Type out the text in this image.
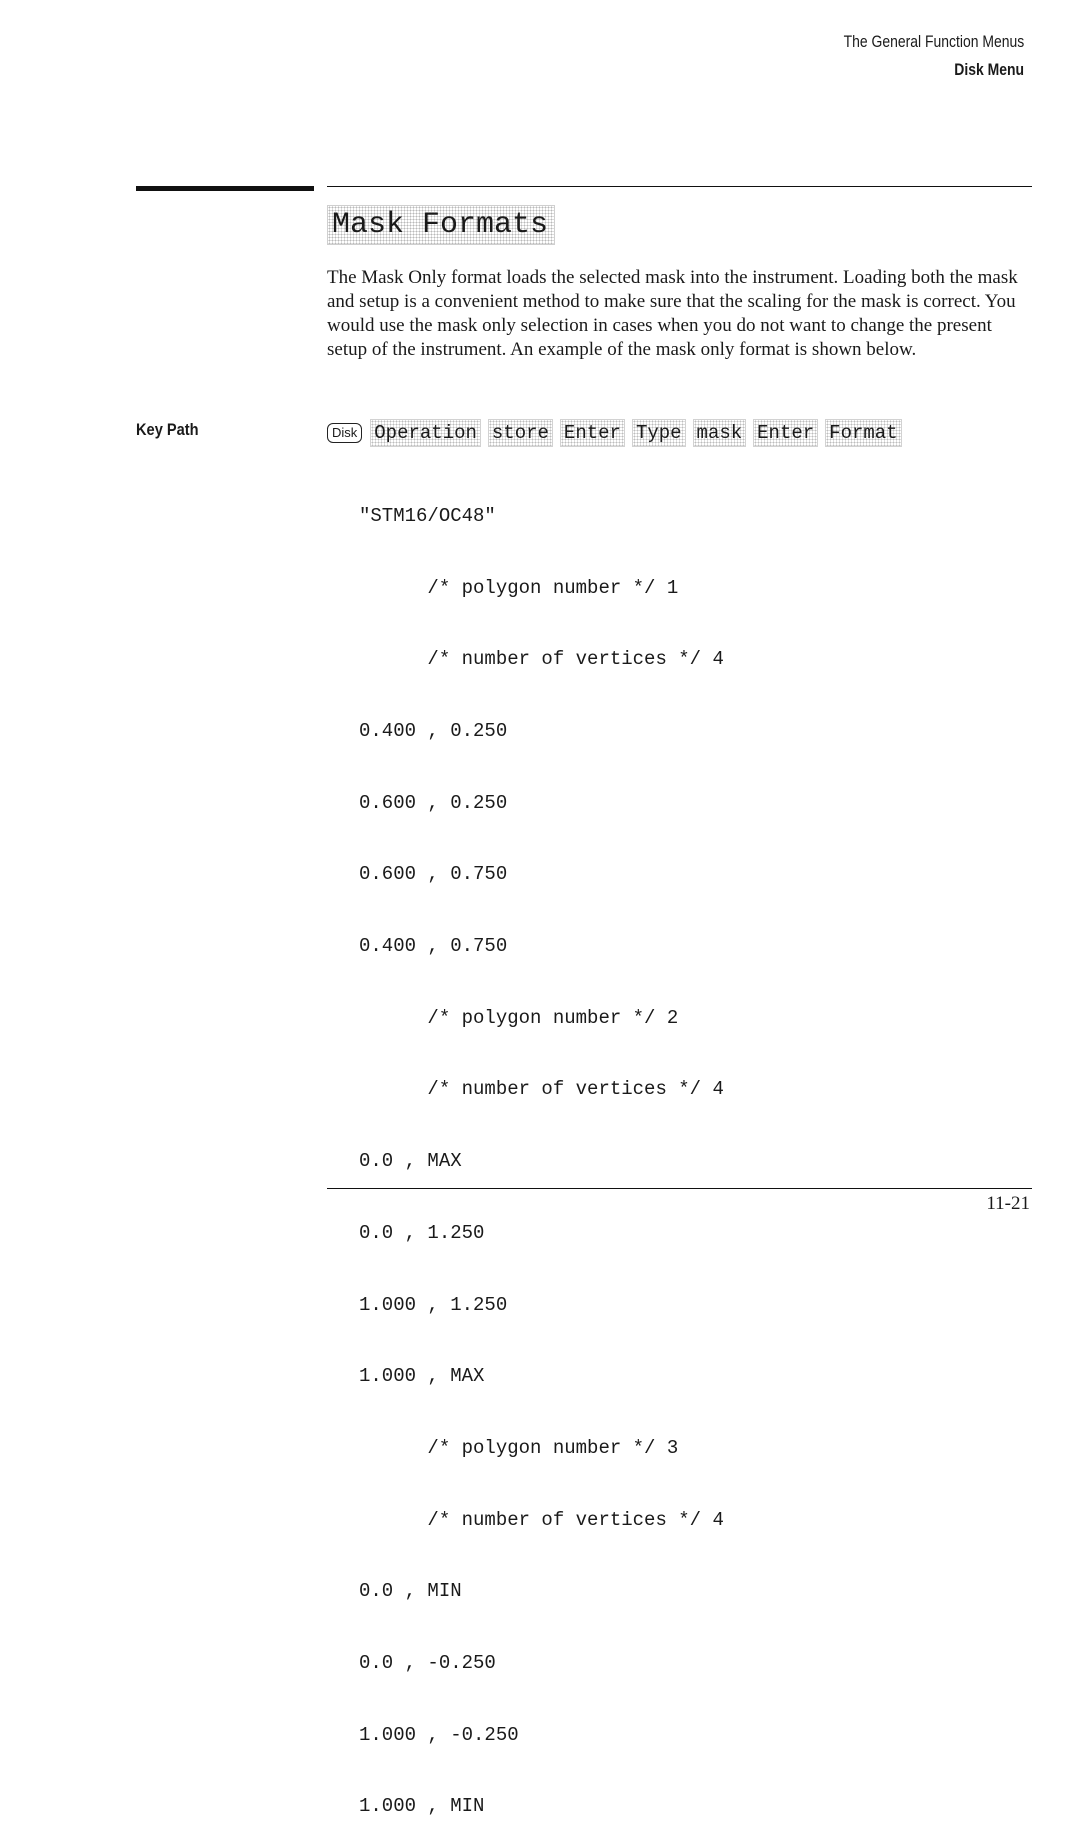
The General Function Menus
Disk Menu
Mask Formats

The Mask Only format loads the selected mask into the instrument. Loading both the mask and setup is a convenient method to make sure that the scaling for the mask is correct. You would use the mask only selection in cases when you do not want to change the present setup of the instrument. An example of the mask only format is shown below.

Key Path	Disk Operation store Enter Type mask Enter Format

"STM16/OC48"

/* polygon number */ 1

/* number of vertices */ 4

0.400 , 0.250

0.600 , 0.250

0.600 , 0.750

0.400 , 0.750

/* polygon number */ 2

/* number of vertices */ 4

0.0 , MAX

0.0 , 1.250

1.000 , 1.250

1.000 , MAX

/* polygon number */ 3

/* number of vertices */ 4

0.0 , MIN

0.0 , -0.250

1.000 , -0.250

1.000 , MIN

11-21
